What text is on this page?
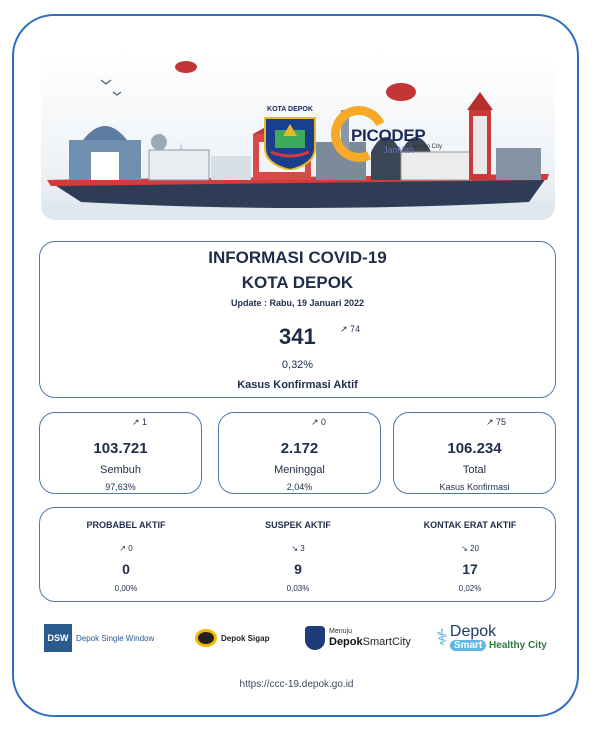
Margo City
KOTA DEPOK
PICODEP
JanNah
INFORMASI COVID-19
KOTA DEPOK
Update : Rabu, 19 Januari 2022
341	↗ 74
0,32%
Kasus Konfirmasi Aktif
↗ 1
103.721
Sembuh
97,63%
↗ 0
2.172
Meninggal
2,04%
↗ 75
106.234
Total
Kasus Konfirmasi
PROBABEL AKTIF
↗ 0
0
0,00%
SUSPEK AKTIF
↘ 3
9
0,03%
KONTAK ERAT AKTIF
↘ 20
17
0,02%
DSW Depok Single Window	Depok Sigap
Menuju
DepokSmartCity ⚕ Depok
Smart Healthy City
https://ccc-19.depok.go.id
